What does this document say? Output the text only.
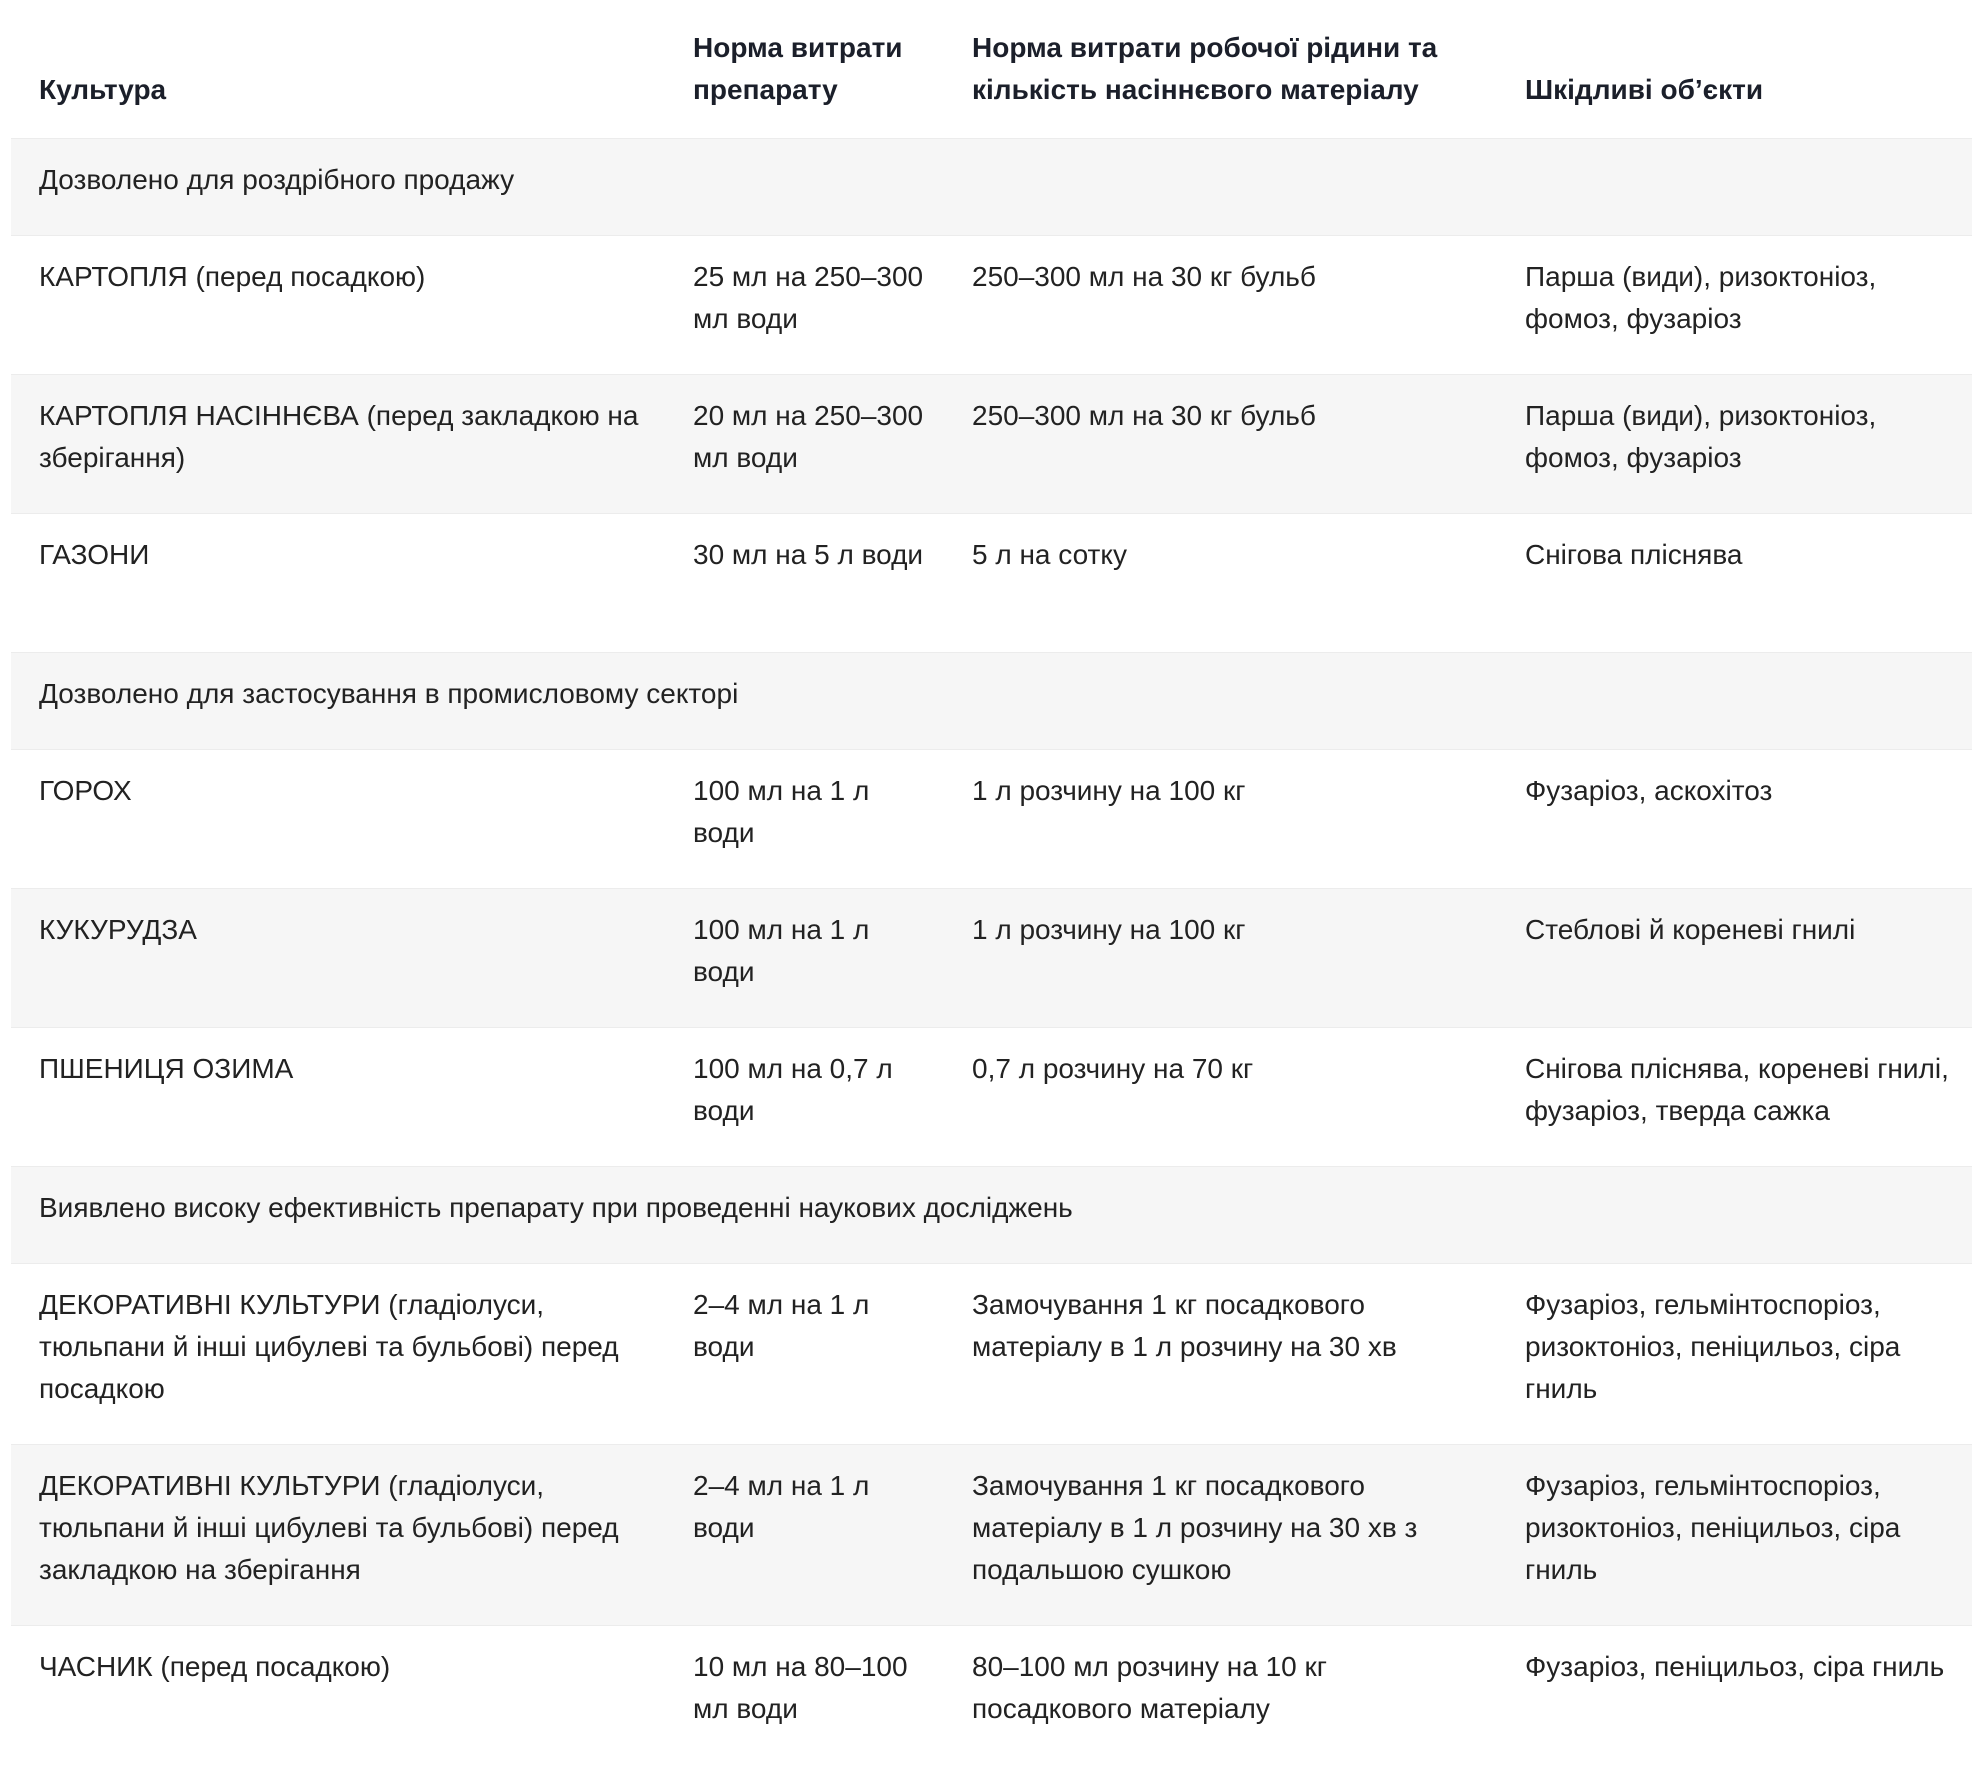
Культура	Норма витрати препарату	Норма витрати робочої рідини та кількість насіннєвого матеріалу	Шкідливі об’єкти
Дозволено для роздрібного продажу			
КАРТОПЛЯ (перед посадкою)	25 мл на 250–300 мл води	250–300 мл на 30 кг бульб	Парша (види), ризоктоніоз, фомоз, фузаріоз
КАРТОПЛЯ НАСІННЄВА (перед закладкою на зберігання)	20 мл на 250–300 мл води	250–300 мл на 30 кг бульб	Парша (види), ризоктоніоз, фомоз, фузаріоз
ГАЗОНИ	30 мл на 5 л води	5 л на сотку	Снігова пліснява
Дозволено для застосування в промисловому секторі			
ГОРОХ	100 мл на 1 л води	1 л розчину на 100 кг	Фузаріоз, аскохітоз
КУКУРУДЗА	100 мл на 1 л води	1 л розчину на 100 кг	Стеблові й кореневі гнилі
ПШЕНИЦЯ ОЗИМА	100 мл на 0,7 л води	0,7 л розчину на 70 кг	Снігова пліснява, кореневі гнилі, фузаріоз, тверда сажка
Виявлено високу ефективність препарату при проведенні наукових досліджень			
ДЕКОРАТИВНІ КУЛЬТУРИ (гладіолуси, тюльпани й інші цибулеві та бульбові) перед посадкою	2–4 мл на 1 л води	Замочування 1 кг посадкового матеріалу в 1 л розчину на 30 хв	Фузаріоз, гельмінтоспоріоз, ризоктоніоз, пеніцильоз, сіра гниль
ДЕКОРАТИВНІ КУЛЬТУРИ (гладіолуси, тюльпани й інші цибулеві та бульбові) перед закладкою на зберігання	2–4 мл на 1 л води	Замочування 1 кг посадкового матеріалу в 1 л розчину на 30 хв з подальшою сушкою	Фузаріоз, гельмінтоспоріоз, ризоктоніоз, пеніцильоз, сіра гниль
ЧАСНИК (перед посадкою)	10 мл на 80–100 мл води	80–100 мл розчину на 10 кг посадкового матеріалу	Фузаріоз, пеніцильоз, сіра гниль
